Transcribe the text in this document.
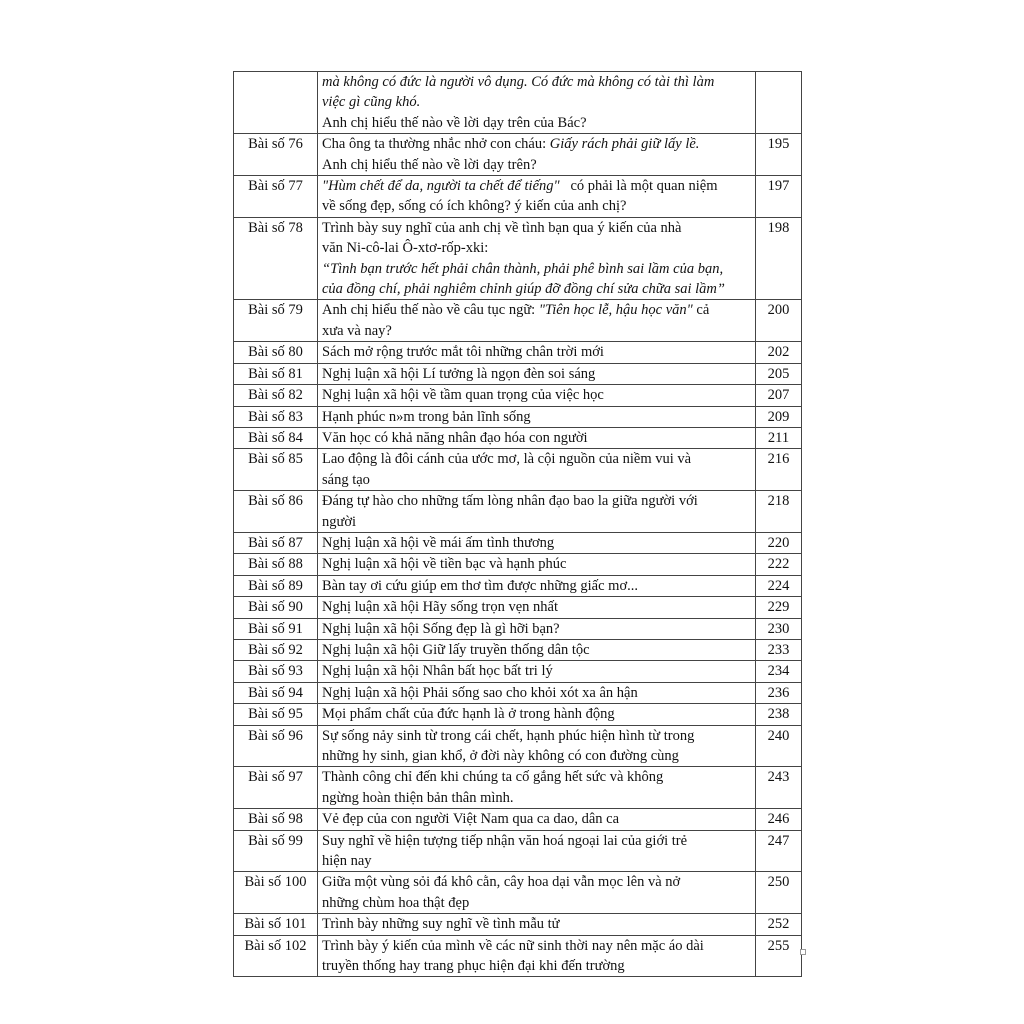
	mà không có đức là người vô dụng. Có đức mà không có tài thì làm
việc gì cũng khó.
Anh chị hiểu thế nào về lời dạy trên của Bác?	

Bài số 76	Cha ông ta thường nhắc nhở con cháu: Giấy rách phải giữ lấy lề.
Anh chị hiểu thế nào về lời dạy trên?	195
Bài số 77	"Hùm chết để da, người ta chết để tiếng"   có phải là một quan niệm
về sống đẹp, sống có ích không? ý kiến của anh chị?	197
Bài số 78	Trình bày suy nghĩ của anh chị về tình bạn qua ý kiến của nhà
văn Ni-cô-lai Ô-xtơ-rốp-xki:
“Tình bạn trước hết phải chân thành, phải phê bình sai lầm của bạn,
của đồng chí, phải nghiêm chỉnh giúp đỡ đồng chí sửa chữa sai lầm”	198
Bài số 79	Anh chị hiểu thế nào về câu tục ngữ: "Tiên học lễ, hậu học văn" cả
xưa và nay?	200
Bài số 80	Sách mở rộng trước mắt tôi những chân trời mới	202
Bài số 81	Nghị luận xã hội Lí tưởng là ngọn đèn soi sáng	205
Bài số 82	Nghị luận xã hội về tầm quan trọng của việc học	207
Bài số 83	Hạnh phúc n»m trong bản lĩnh sống	209
Bài số 84	Văn học có khả năng nhân đạo hóa con người	211
Bài số 85	Lao động là đôi cánh của ước mơ, là cội nguồn của niềm vui và
sáng tạo	216
Bài số 86	Đáng tự hào cho những tấm lòng nhân đạo bao la giữa người với
người	218
Bài số 87	Nghị luận xã hội về mái ấm tình thương	220
Bài số 88	Nghị luận xã hội về tiền bạc và hạnh phúc	222
Bài số 89	Bàn tay ơi cứu giúp em thơ tìm được những giấc mơ...	224
Bài số 90	Nghị luận xã hội Hãy sống trọn vẹn nhất	229
Bài số 91	Nghị luận xã hội Sống đẹp là gì hỡi bạn?	230
Bài số 92	Nghị luận xã hội Giữ lấy truyền thống dân tộc	233
Bài số 93	Nghị luận xã hội Nhân bất học bất tri lý	234
Bài số 94	Nghị luận xã hội Phải sống sao cho khỏi xót xa ân hận	236
Bài số 95	Mọi phẩm chất của đức hạnh là ở trong hành động	238
Bài số 96	Sự sống nảy sinh từ trong cái chết, hạnh phúc hiện hình từ trong
những hy sinh, gian khổ, ở đời này không có con đường cùng	240
Bài số 97	Thành công chỉ đến khi chúng ta cố gắng hết sức và không
ngừng hoàn thiện bản thân mình.	243
Bài số 98	Vẻ đẹp của con người Việt Nam qua ca dao, dân ca	246
Bài số 99	Suy nghĩ về hiện tượng tiếp nhận văn hoá ngoại lai của giới trẻ
hiện nay	247
Bài số 100	Giữa một vùng sỏi đá khô cằn, cây hoa dại vẫn mọc lên và nở
những chùm hoa thật đẹp	250
Bài số 101	Trình bày những suy nghĩ về tình mẫu tử	252
Bài số 102	Trình bày ý kiến của mình về các nữ sinh thời nay nên mặc áo dài
truyền thống hay trang phục hiện đại khi đến trường	255
